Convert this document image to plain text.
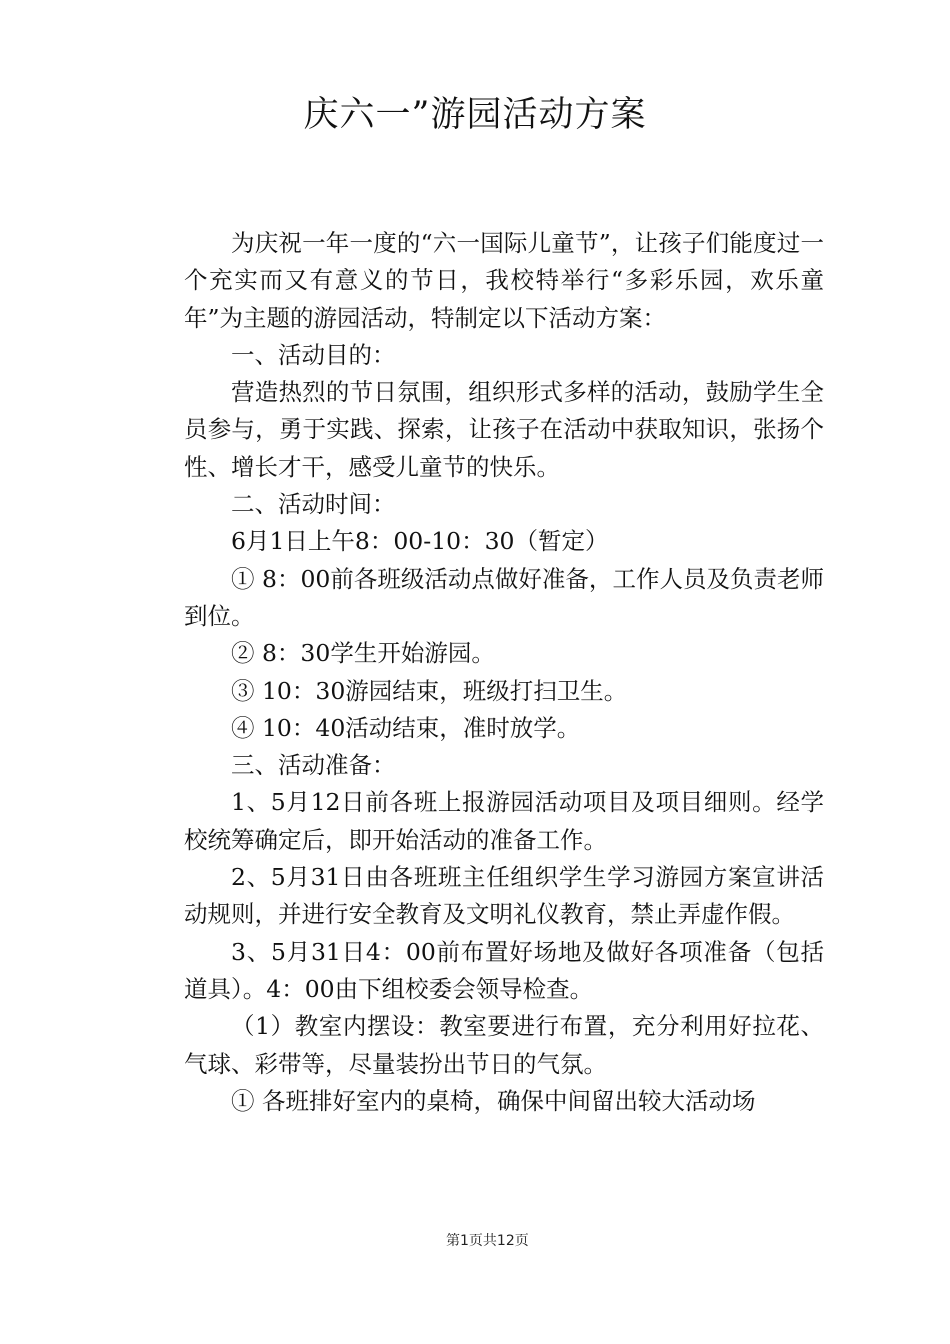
庆六一”游园活动方案

为庆祝一年一度的“六一国际儿童节”，让孩子们能度过一个充实而又有意义的节日，我校特举行“多彩乐园，欢乐童年”为主题的游园活动，特制定以下活动方案：

一、活动目的：

营造热烈的节日氛围，组织形式多样的活动，鼓励学生全员参与，勇于实践、探索，让孩子在活动中获取知识，张扬个性、增长才干，感受儿童节的快乐。

二、活动时间：

6月1日上午8：00-10：30（暂定）

① 8：00前各班级活动点做好准备，工作人员及负责老师到位。

② 8：30学生开始游园。

③ 10：30游园结束，班级打扫卫生。

④ 10：40活动结束，准时放学。

三、活动准备：

1、5月12日前各班上报游园活动项目及项目细则。经学校统筹确定后，即开始活动的准备工作。

2、5月31日由各班班主任组织学生学习游园方案宣讲活动规则，并进行安全教育及文明礼仪教育，禁止弄虚作假。

3、5月31日4：00前布置好场地及做好各项准备（包括道具）。4：00由下组校委会领导检查。

（1）教室内摆设：教室要进行布置，充分利用好拉花、气球、彩带等，尽量装扮出节日的气氛。

① 各班排好室内的桌椅，确保中间留出较大活动场

第1页共12页
